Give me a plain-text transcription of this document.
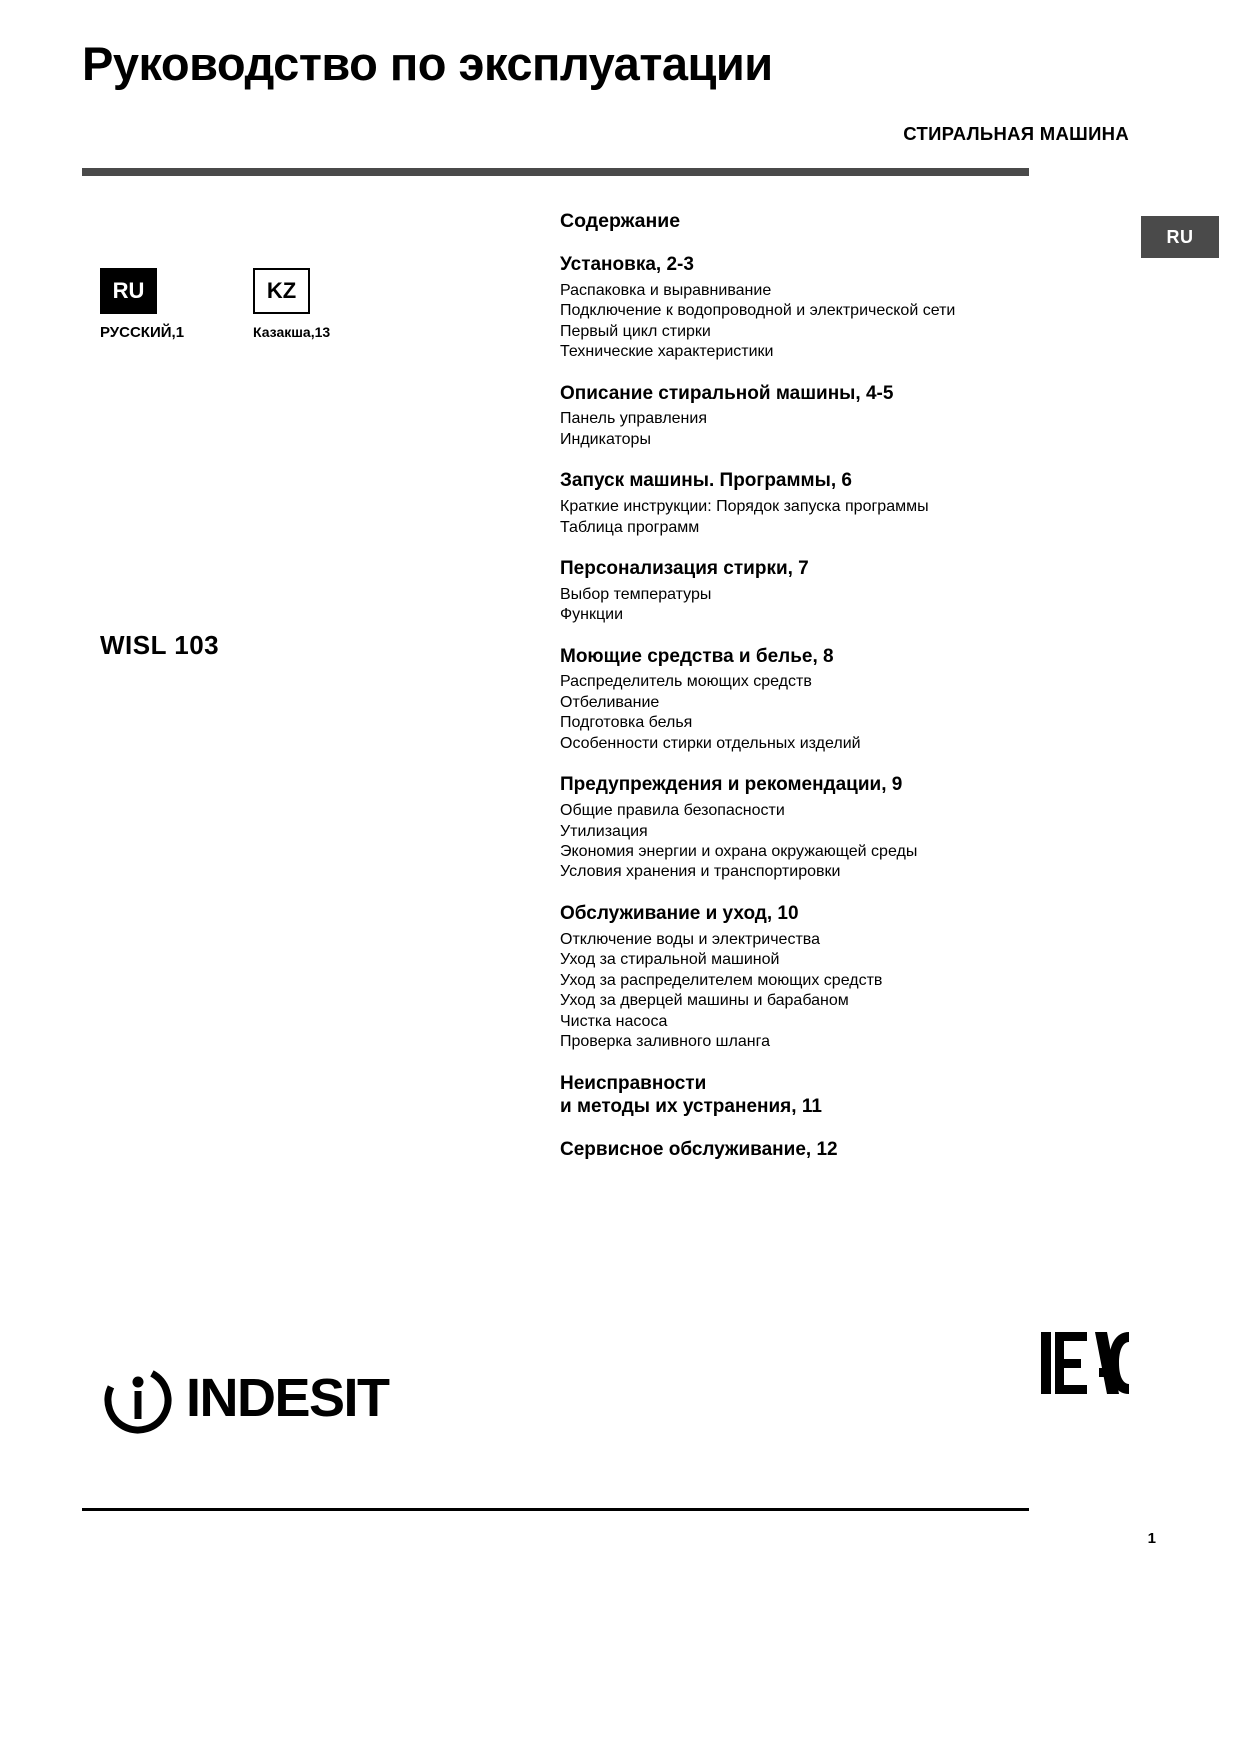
Руководство по эксплуатации
СТИРАЛЬНАЯ МАШИНА
RU
RU
РУССКИЙ,1
KZ
Казакша,13
WISL 103
Содержание
Установка, 2-3
Распаковка и выравнивание
Подключение к водопроводной и электрической сети
Первый цикл стирки
Технические характеристики
Описание стиральной машины, 4-5
Панель управления
Индикаторы
Запуск машины. Программы, 6
Краткие инструкции: Порядок запуска программы
Таблица программ
Персонализация стирки, 7
Выбор температуры
Функции
Моющие средства и белье, 8
Распределитель моющих средств
Отбеливание
Подготовка белья
Особенности стирки отдельных изделий
Предупреждения и рекомендации, 9
Общие правила безопасности
Утилизация
Экономия энергии и охрана окружающей среды
Условия хранения и транспортировки
Обслуживание и уход, 10
Отключение воды и электричества
Уход за стиральной машиной
Уход за распределителем моющих средств
Уход за дверцей машины и барабаном
Чистка насоса
Проверка заливного шланга
Неисправности
и методы их устранения, 11
Сервисное обслуживание, 12
INDESIT
1
